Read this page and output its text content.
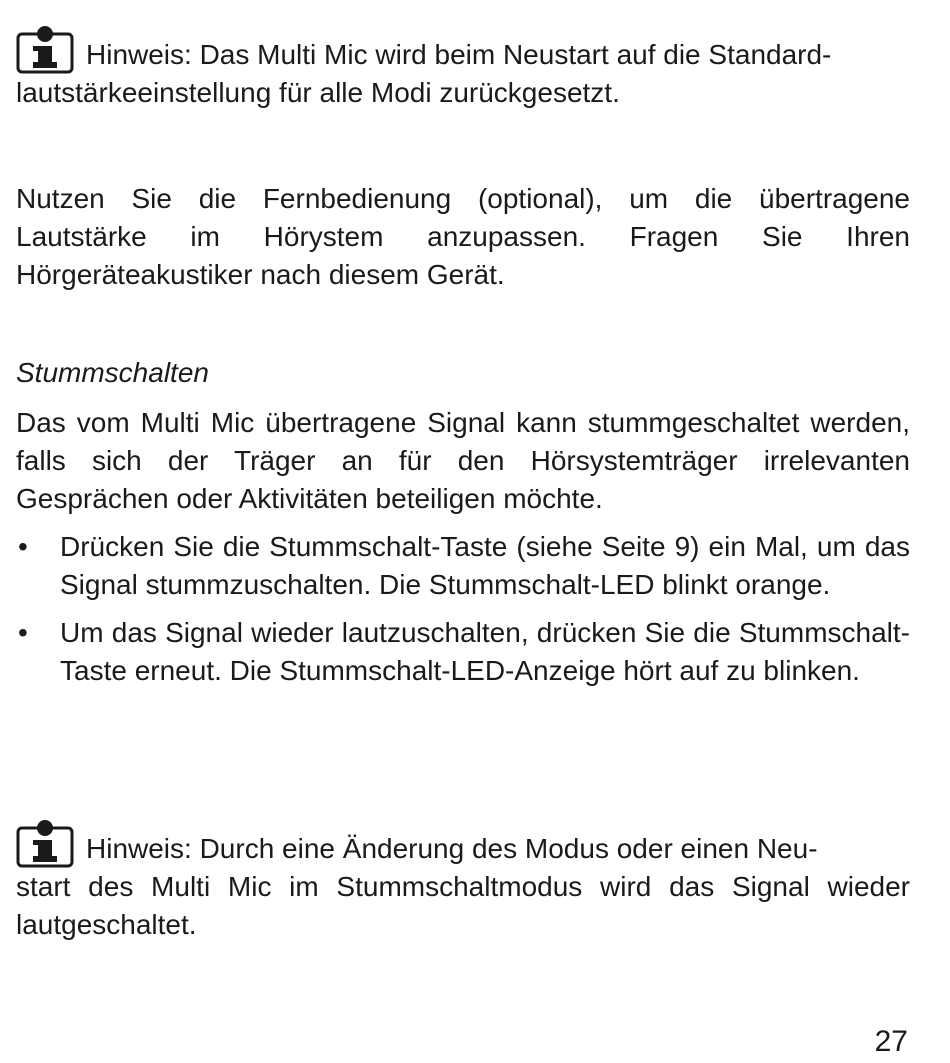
Hinweis: Das Multi Mic wird beim Neustart auf die Standard-

lautstärkeeinstellung für alle Modi zurückgesetzt.

Nutzen Sie die Fernbedienung (optional), um die übertragene Lautstärke im Hörystem anzupassen. Fragen Sie Ihren Hörgeräteakustiker nach diesem Gerät.

Stummschalten

Das vom Multi Mic übertragene Signal kann stummgeschaltet werden, falls sich der Träger an für den Hörsystemträger irrelevanten Gesprächen oder Aktivitäten beteiligen möchte.

• Drücken Sie die Stummschalt-Taste (siehe Seite 9) ein Mal, um das Signal stummzuschalten. Die Stummschalt-LED blinkt orange.
• Um das Signal wieder lautzuschalten, drücken Sie die Stummschalt-Taste erneut. Die Stummschalt-LED-Anzeige hört auf zu blinken.
Hinweis: Durch eine Änderung des Modus oder einen Neu-

start des Multi Mic im Stummschaltmodus wird das Signal wieder lautgeschaltet.

27
